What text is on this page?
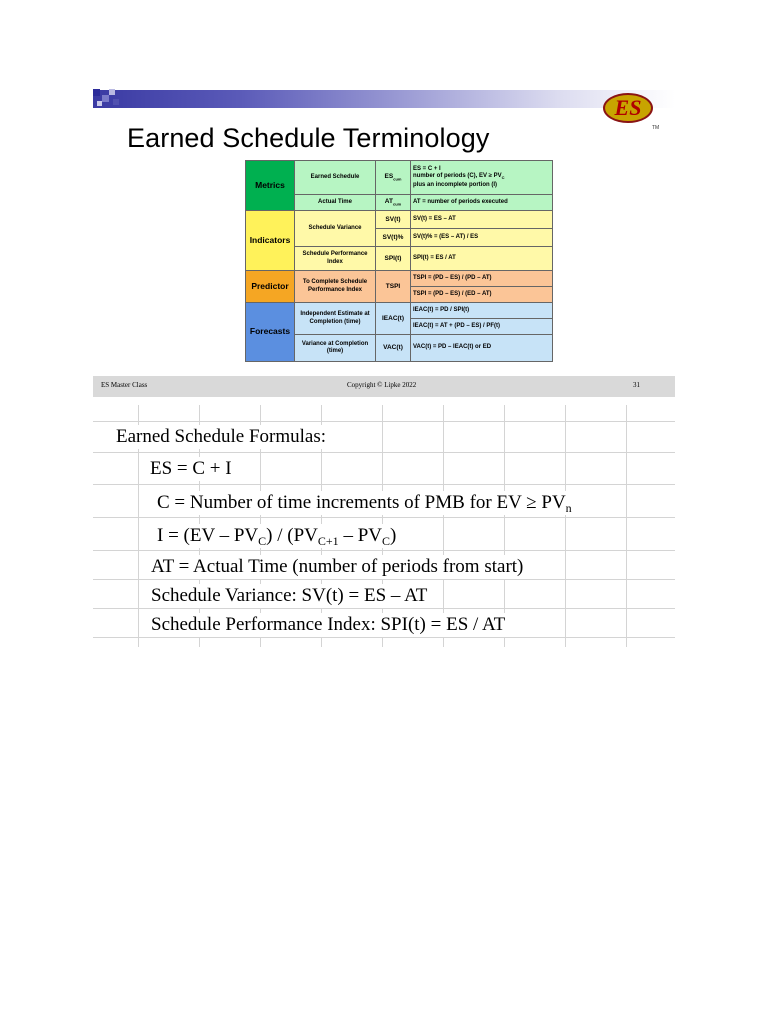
ES
TM
Earned Schedule Terminology
Metrics	Earned Schedule	$ES_{cum}$	ES = C + I
number of periods (C), EV ≥ $PV_C$
plus an incomplete portion (I)

	Actual Time	$AT_{cum}$	AT = number of periods executed
Indicators	Schedule Variance	SV(t)	SV(t) = ES – AT
		SV(t)%	SV(t)% = (ES – AT) / ES
	Schedule Performance Index	SPI(t)	SPI(t) = ES / AT
Predictor	To Complete Schedule Performance Index	TSPI	TSPI = (PD – ES) / (PD – AT)
			TSPI = (PD – ES) / (ED – AT)
Forecasts	Independent Estimate at Completion (time)	IEAC(t)	IEAC(t) = PD / SPI(t)
			IEAC(t) = AT + (PD – ES) / PF(t)
	Variance at Completion (time)	VAC(t)	VAC(t) = PD – IEAC(t) or ED
ES Master Class	Copyright © Lipke 2022	31
Earned Schedule Formulas:
ES = C + I
C = Number of time increments of PMB for EV ≥ $PV_n$
$I = (EV - PV_C) / (PV_{C+1} - PV_C)$
AT = Actual Time (number of periods from start)
Schedule Variance: SV(t) = ES – AT
Schedule Performance Index: SPI(t) = ES / AT
